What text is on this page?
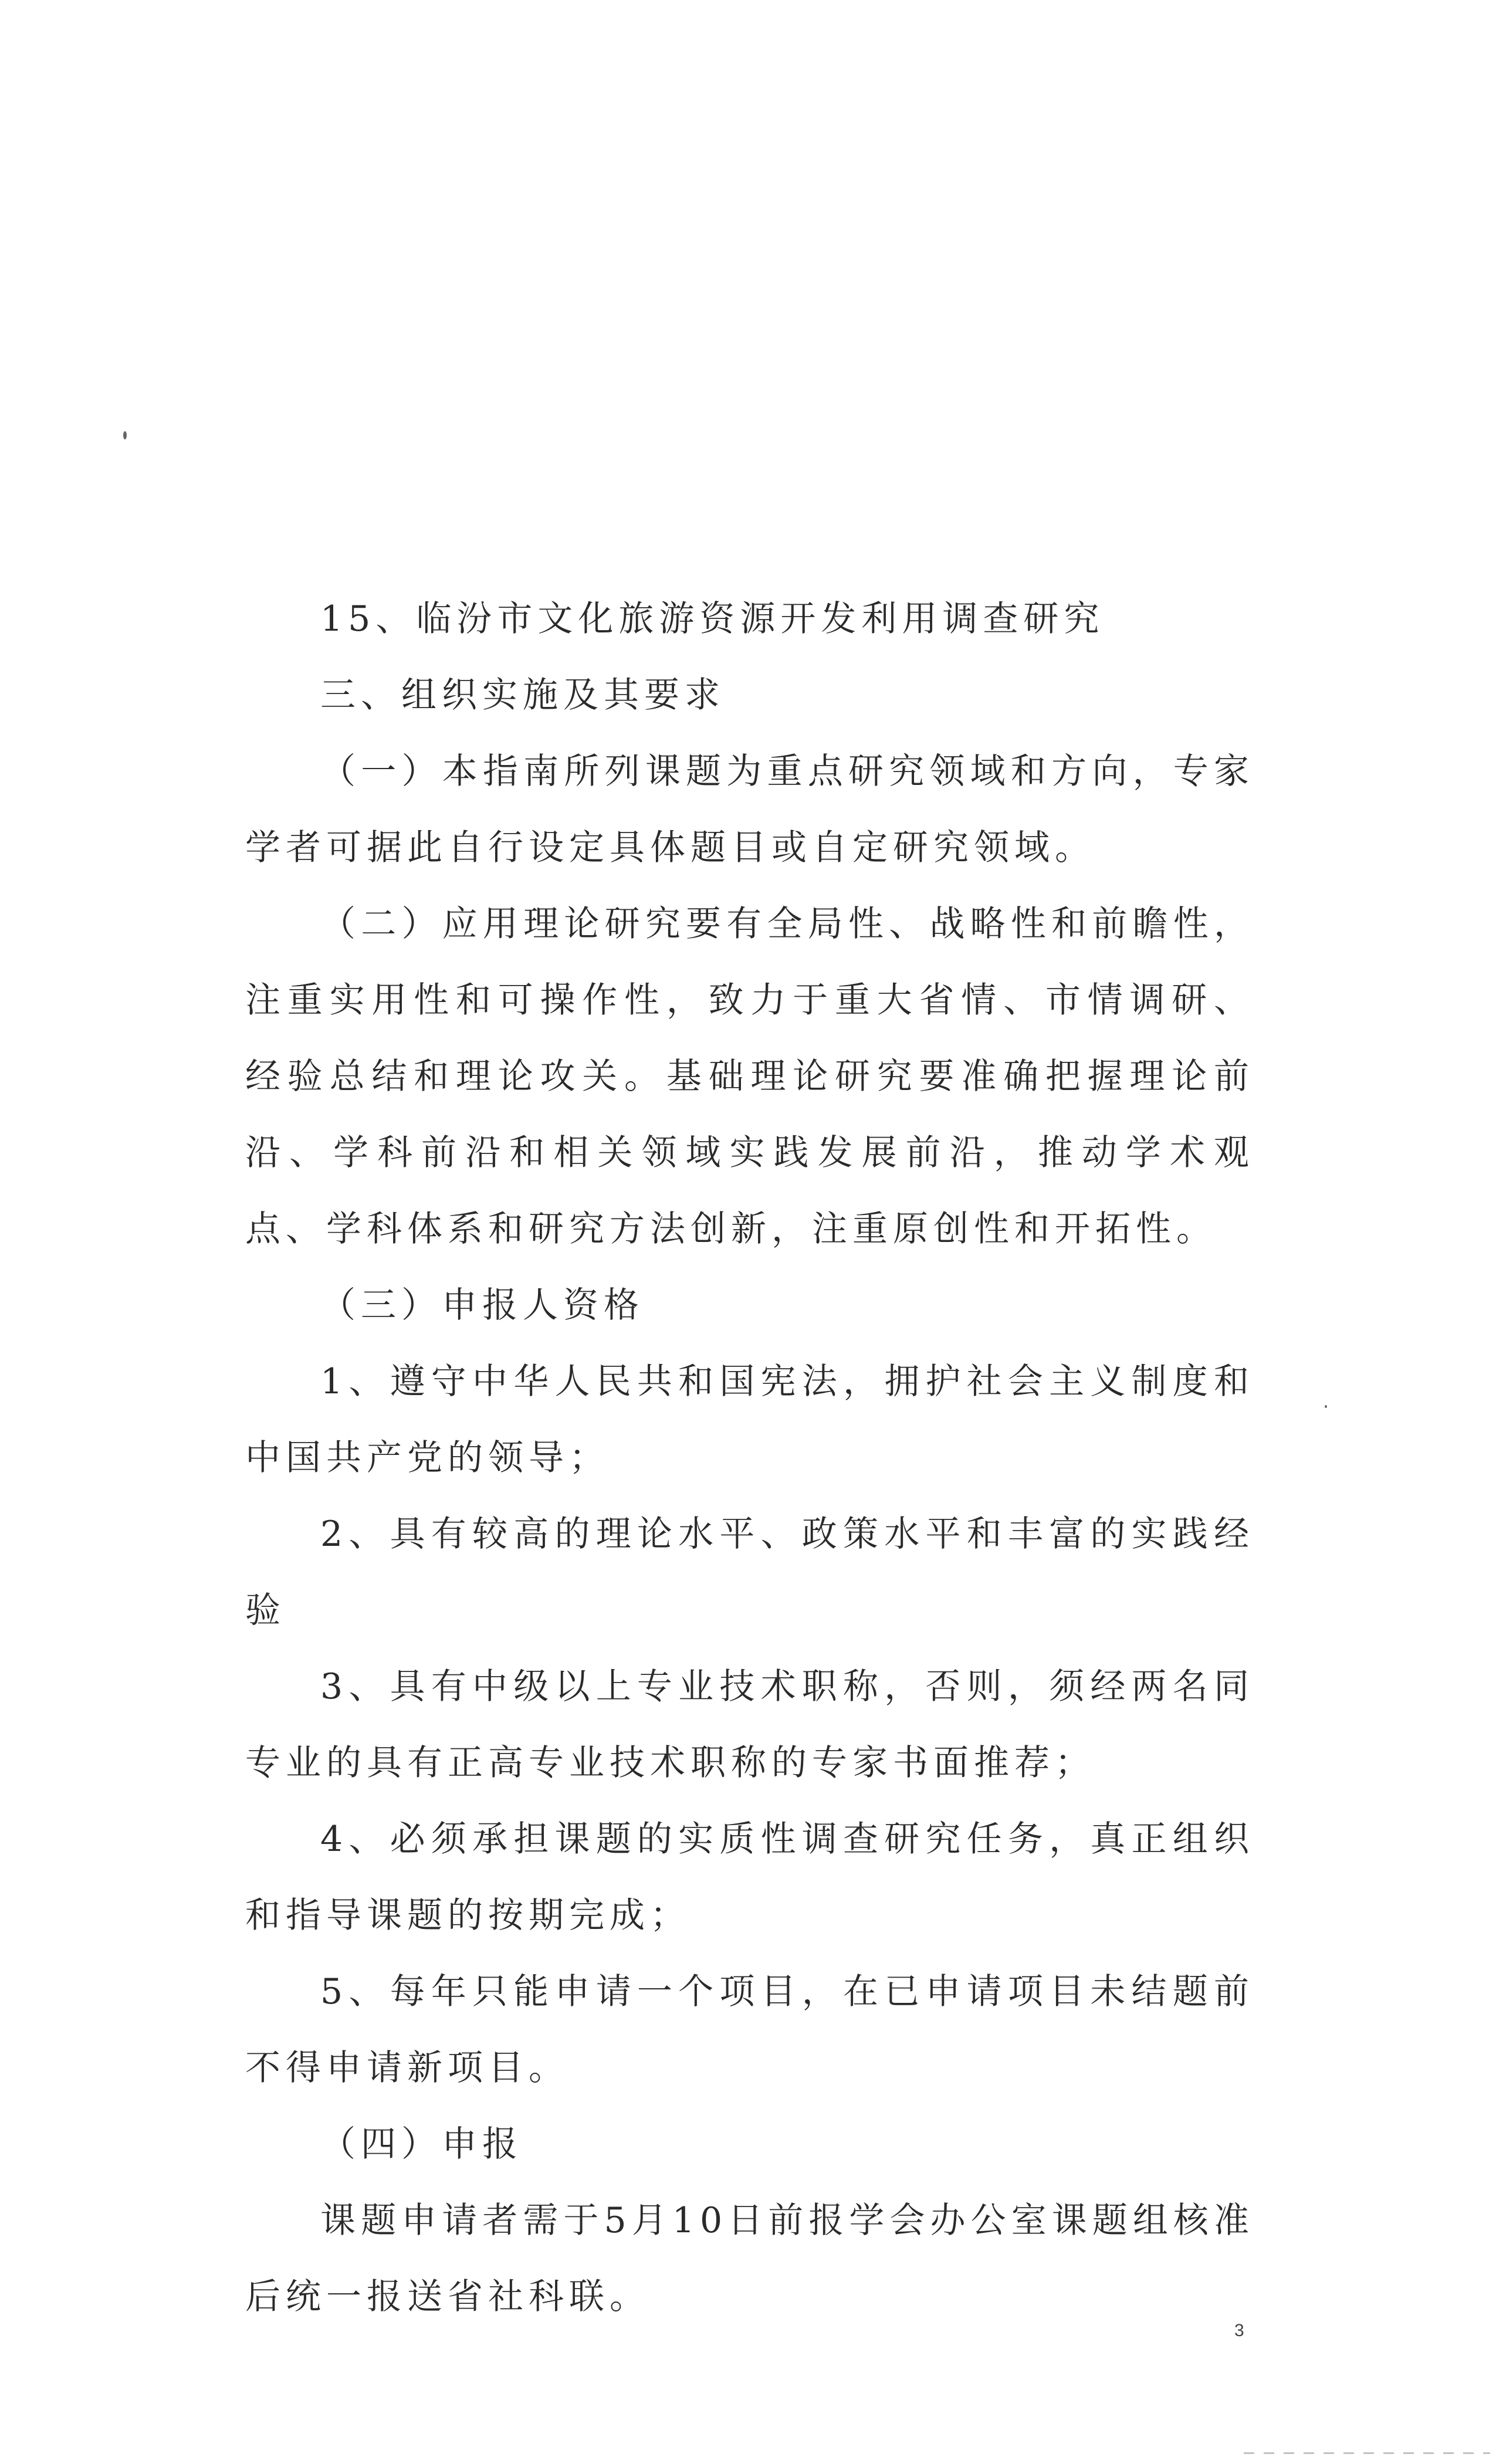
15、临汾市文化旅游资源开发利用调查研究

三、组织实施及其要求

（一）本指南所列课题为重点研究领域和方向，专家学者可据此自行设定具体题目或自定研究领域。

（二）应用理论研究要有全局性、战略性和前瞻性，注重实用性和可操作性，致力于重大省情、市情调研、经验总结和理论攻关。基础理论研究要准确把握理论前沿、学科前沿和相关领域实践发展前沿，推动学术观点、学科体系和研究方法创新，注重原创性和开拓性。

（三）申报人资格

1、遵守中华人民共和国宪法，拥护社会主义制度和中国共产党的领导；

2、具有较高的理论水平、政策水平和丰富的实践经验

3、具有中级以上专业技术职称，否则，须经两名同专业的具有正高专业技术职称的专家书面推荐；

4、必须承担课题的实质性调查研究任务，真正组织和指导课题的按期完成；

5、每年只能申请一个项目，在已申请项目未结题前不得申请新项目。

（四）申报

课题申请者需于5月10日前报学会办公室课题组核准后统一报送省社科联。

3
